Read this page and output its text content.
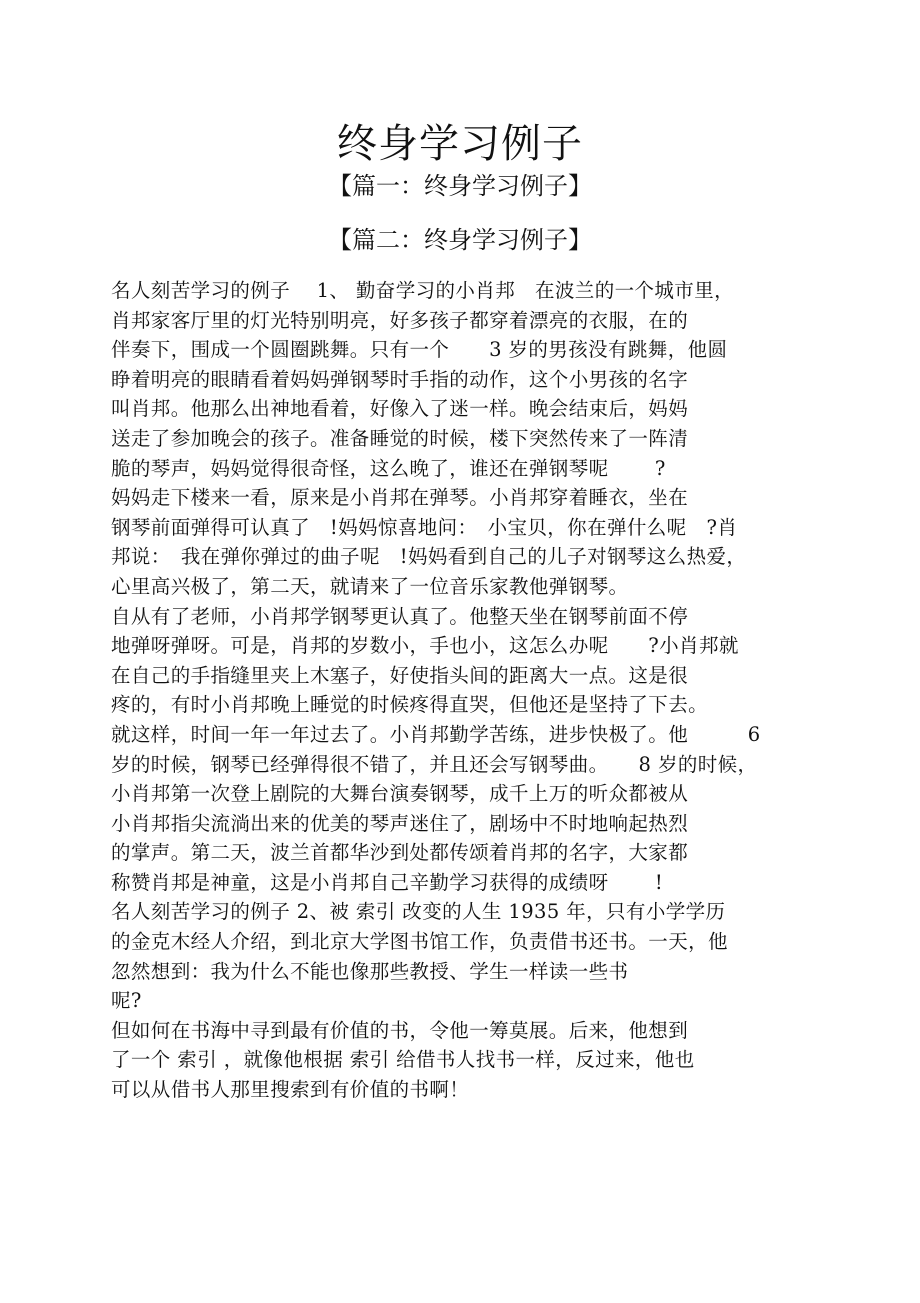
终身学习例子
【篇一：终身学习例子】
【篇二：终身学习例子】
名人刻苦学习的例子　 1、 勤奋学习的小肖邦　在波兰的一个城市里，
肖邦家客厅里的灯光特别明亮，好多孩子都穿着漂亮的衣服，在的
伴奏下，围成一个圆圈跳舞。只有一个　　3 岁的男孩没有跳舞，他圆
睁着明亮的眼睛看着妈妈弹钢琴时手指的动作，这个小男孩的名字
叫肖邦。他那么出神地看着，好像入了迷一样。晚会结束后，妈妈
送走了参加晚会的孩子。准备睡觉的时候，楼下突然传来了一阵清
脆的琴声，妈妈觉得很奇怪，这么晚了，谁还在弹钢琴呢　　 ?
妈妈走下楼来一看，原来是小肖邦在弹琴。小肖邦穿着睡衣，坐在
钢琴前面弹得可认真了　!妈妈惊喜地问：　小宝贝，你在弹什么呢　?肖
邦说：　我在弹你弹过的曲子呢　!妈妈看到自己的儿子对钢琴这么热爱，
心里高兴极了，第二天，就请来了一位音乐家教他弹钢琴。
自从有了老师，小肖邦学钢琴更认真了。他整天坐在钢琴前面不停
地弹呀弹呀。可是，肖邦的岁数小，手也小，这怎么办呢　　?小肖邦就
在自己的手指缝里夹上木塞子，好使指头间的距离大一点。这是很
疼的，有时小肖邦晚上睡觉的时候疼得直哭，但他还是坚持了下去。
就这样，时间一年一年过去了。小肖邦勤学苦练，进步快极了。他　　　6
岁的时候，钢琴已经弹得很不错了，并且还会写钢琴曲。　　8 岁的时候，
小肖邦第一次登上剧院的大舞台演奏钢琴，成千上万的听众都被从
小肖邦指尖流淌出来的优美的琴声迷住了，剧场中不时地响起热烈
的掌声。第二天，波兰首都华沙到处都传颂着肖邦的名字，大家都
称赞肖邦是神童，这是小肖邦自己辛勤学习获得的成绩呀　　 !
名人刻苦学习的例子 2、被 索引 改变的人生 1935 年，只有小学学历
的金克木经人介绍，到北京大学图书馆工作，负责借书还书。一天，他
忽然想到：我为什么不能也像那些教授、学生一样读一些书
呢?
但如何在书海中寻到最有价值的书，令他一筹莫展。后来，他想到
了一个 索引 ，就像他根据 索引 给借书人找书一样，反过来，他也
可以从借书人那里搜索到有价值的书啊！
